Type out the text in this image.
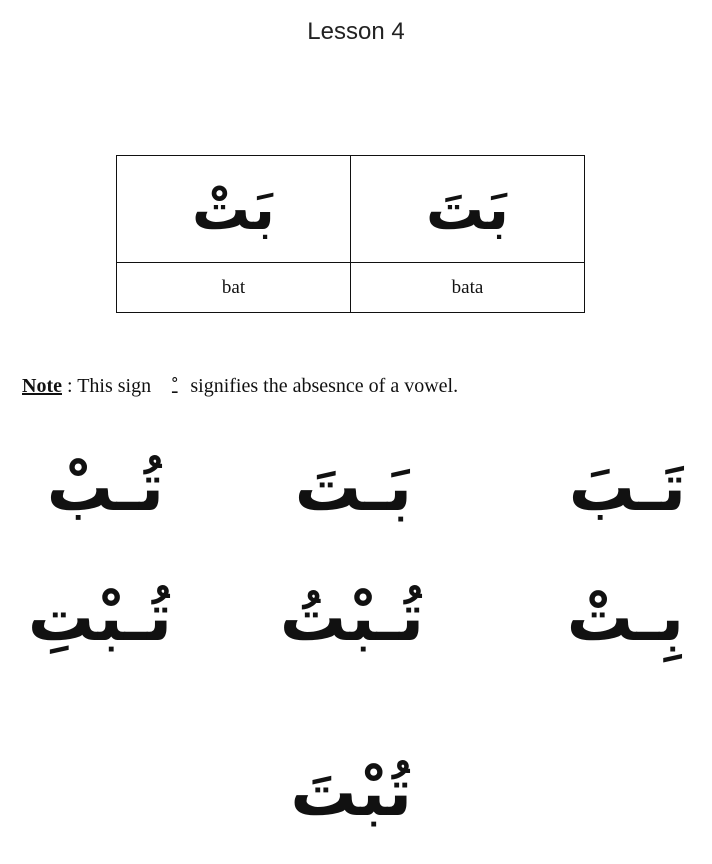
Lesson 4
بَتْ	بَتَ
bat	bata
Note : This sign ـْ signifies the absesnce of a vowel.
تَـبَ
بَـتَ
تُـبْ
بِـتْ
تُـبْتُ
تُـبْتِ
تُبْتَ
